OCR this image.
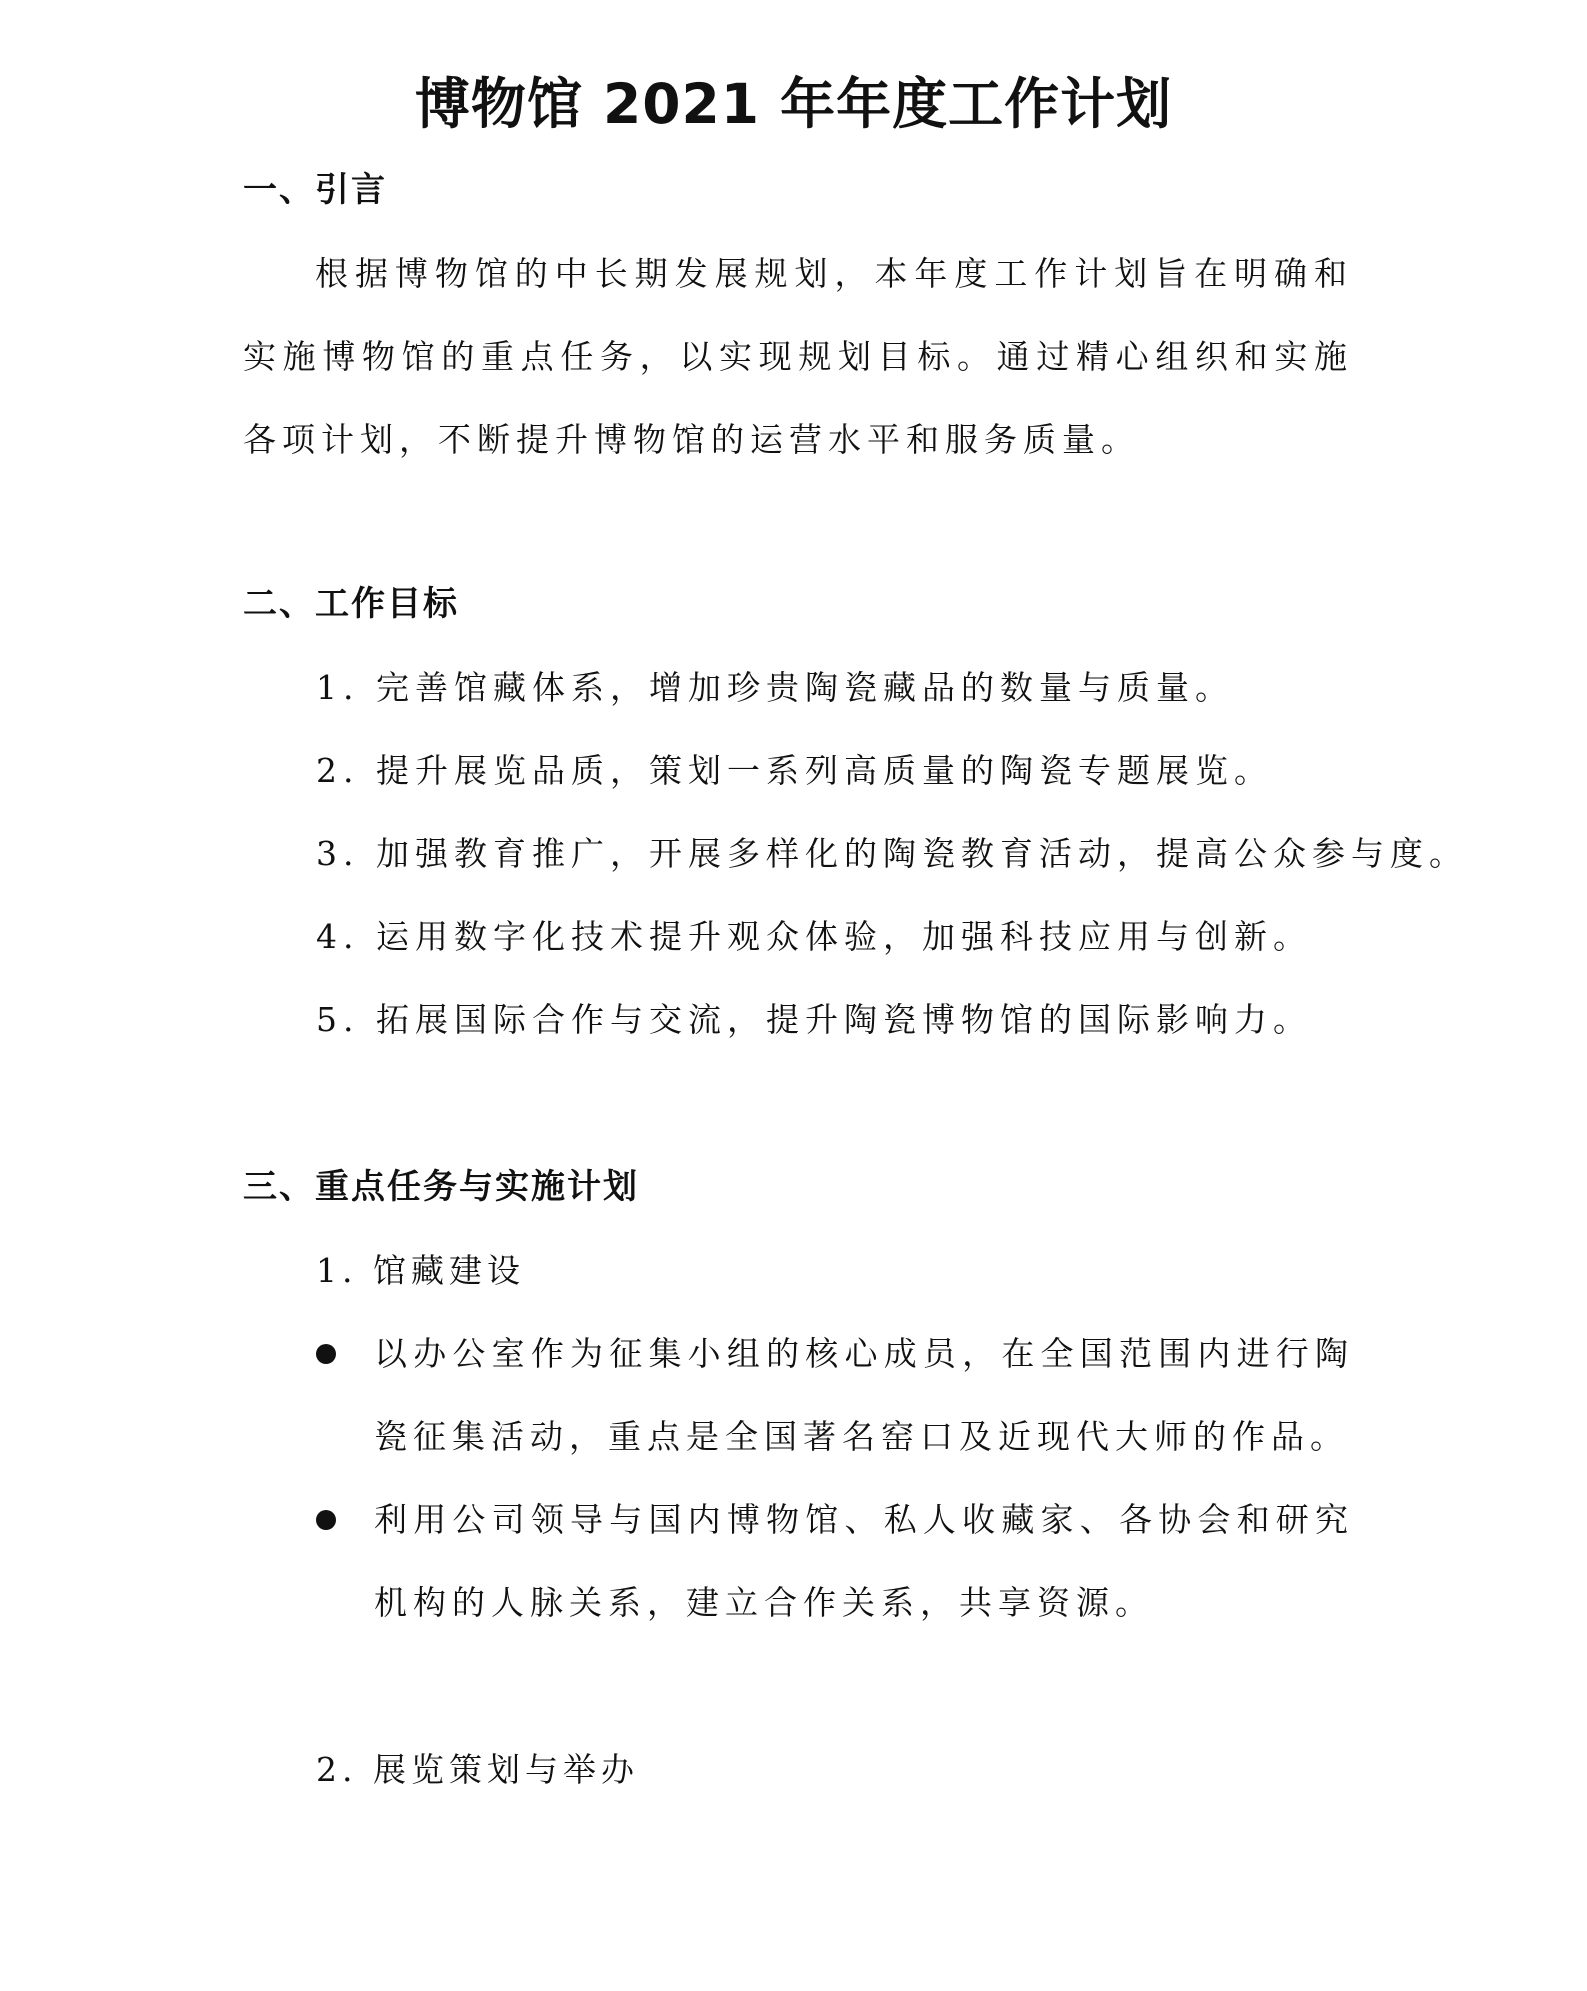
博物馆 2021 年年度工作计划
一、引言
根据博物馆的中长期发展规划，本年度工作计划旨在明确和实施博物馆的重点任务，以实现规划目标。通过精心组织和实施各项计划，不断提升博物馆的运营水平和服务质量。
二、工作目标
1. 完善馆藏体系，增加珍贵陶瓷藏品的数量与质量。
2. 提升展览品质，策划一系列高质量的陶瓷专题展览。
3. 加强教育推广，开展多样化的陶瓷教育活动，提高公众参与度。
4. 运用数字化技术提升观众体验，加强科技应用与创新。
5. 拓展国际合作与交流，提升陶瓷博物馆的国际影响力。
三、重点任务与实施计划
1. 馆藏建设
以办公室作为征集小组的核心成员，在全国范围内进行陶瓷征集活动，重点是全国著名窑口及近现代大师的作品。
利用公司领导与国内博物馆、私人收藏家、各协会和研究机构的人脉关系，建立合作关系，共享资源。
2. 展览策划与举办
